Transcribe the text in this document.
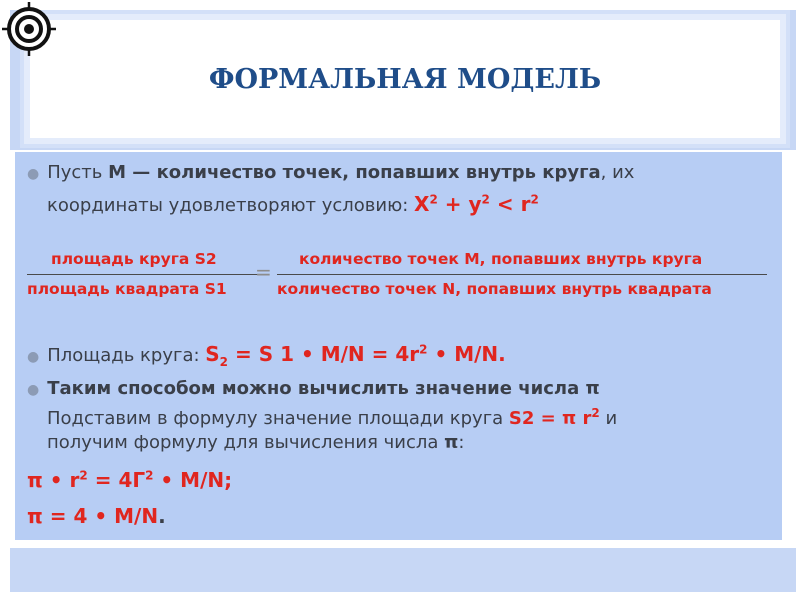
ФОРМАЛЬНАЯ МОДЕЛЬ
● Пусть М — количество точек, попавших внутрь круга, их
координаты удовлетворяют условию: $Х^2 + у^2 < r^2$
площадь круга S2
площадь квадрата S1
=
количество точек М, попавших внутрь круга
количество точек N, попавших внутрь квадрата
● Площадь круга: $S_2 = S$ 1 • $M/N = 4r^2$ • M/N.
● Таким способом можно вычислить значение числа π
Подставим в формулу значение площади круга S2 = π $r^2$ и
получим формулу для вычисления числа π:
π • $r^2 = 4Г^2$ • M/N;
π = 4 • M/N.
